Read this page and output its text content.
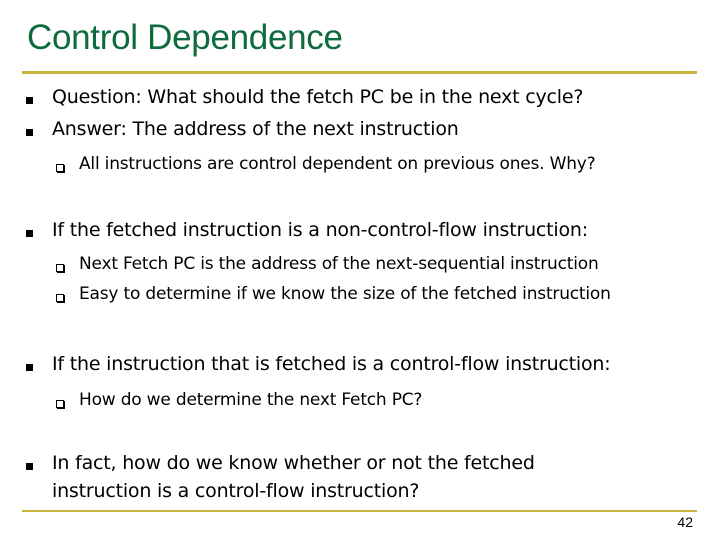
Control Dependence
Question: What should the fetch PC be in the next cycle?
Answer: The address of the next instruction
All instructions are control dependent on previous ones. Why?
If the fetched instruction is a non-control-flow instruction:
Next Fetch PC is the address of the next-sequential instruction
Easy to determine if we know the size of the fetched instruction
If the instruction that is fetched is a control-flow instruction:
How do we determine the next Fetch PC?
In fact, how do we know whether or not the fetched
instruction is a control-flow instruction?
42
